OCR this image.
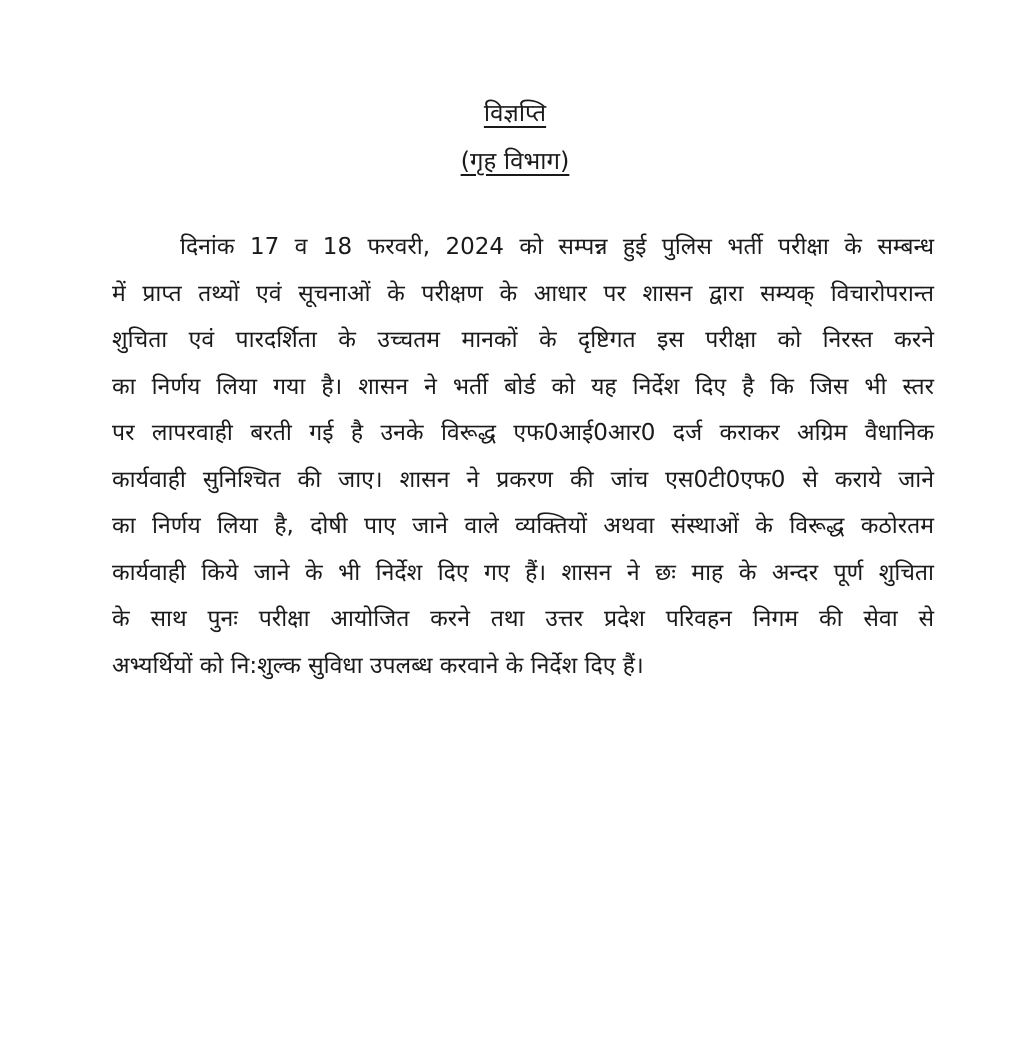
विज्ञप्ति
(गृह विभाग)
दिनांक 17 व 18 फरवरी, 2024 को सम्पन्न हुई पुलिस भर्ती परीक्षा के सम्बन्ध
में प्राप्त तथ्यों एवं सूचनाओं के परीक्षण के आधार पर शासन द्वारा सम्यक् विचारोपरान्त
शुचिता एवं पारदर्शिता के उच्चतम मानकों के दृष्टिगत इस परीक्षा को निरस्त करने
का निर्णय लिया गया है। शासन ने भर्ती बोर्ड को यह निर्देश दिए है कि जिस भी स्तर
पर लापरवाही बरती गई है उनके विरूद्ध एफ0आई0आर0 दर्ज कराकर अग्रिम वैधानिक
कार्यवाही सुनिश्चित की जाए। शासन ने प्रकरण की जांच एस0टी0एफ0 से कराये जाने
का निर्णय लिया है, दोषी पाए जाने वाले व्यक्तियों अथवा संस्थाओं के विरूद्ध कठोरतम
कार्यवाही किये जाने के भी निर्देश दिए गए हैं। शासन ने छः माह के अन्दर पूर्ण शुचिता
के साथ पुनः परीक्षा आयोजित करने तथा उत्तर प्रदेश परिवहन निगम की सेवा से
अभ्यर्थियों को नि:शुल्क सुविधा उपलब्ध करवाने के निर्देश दिए हैं।
